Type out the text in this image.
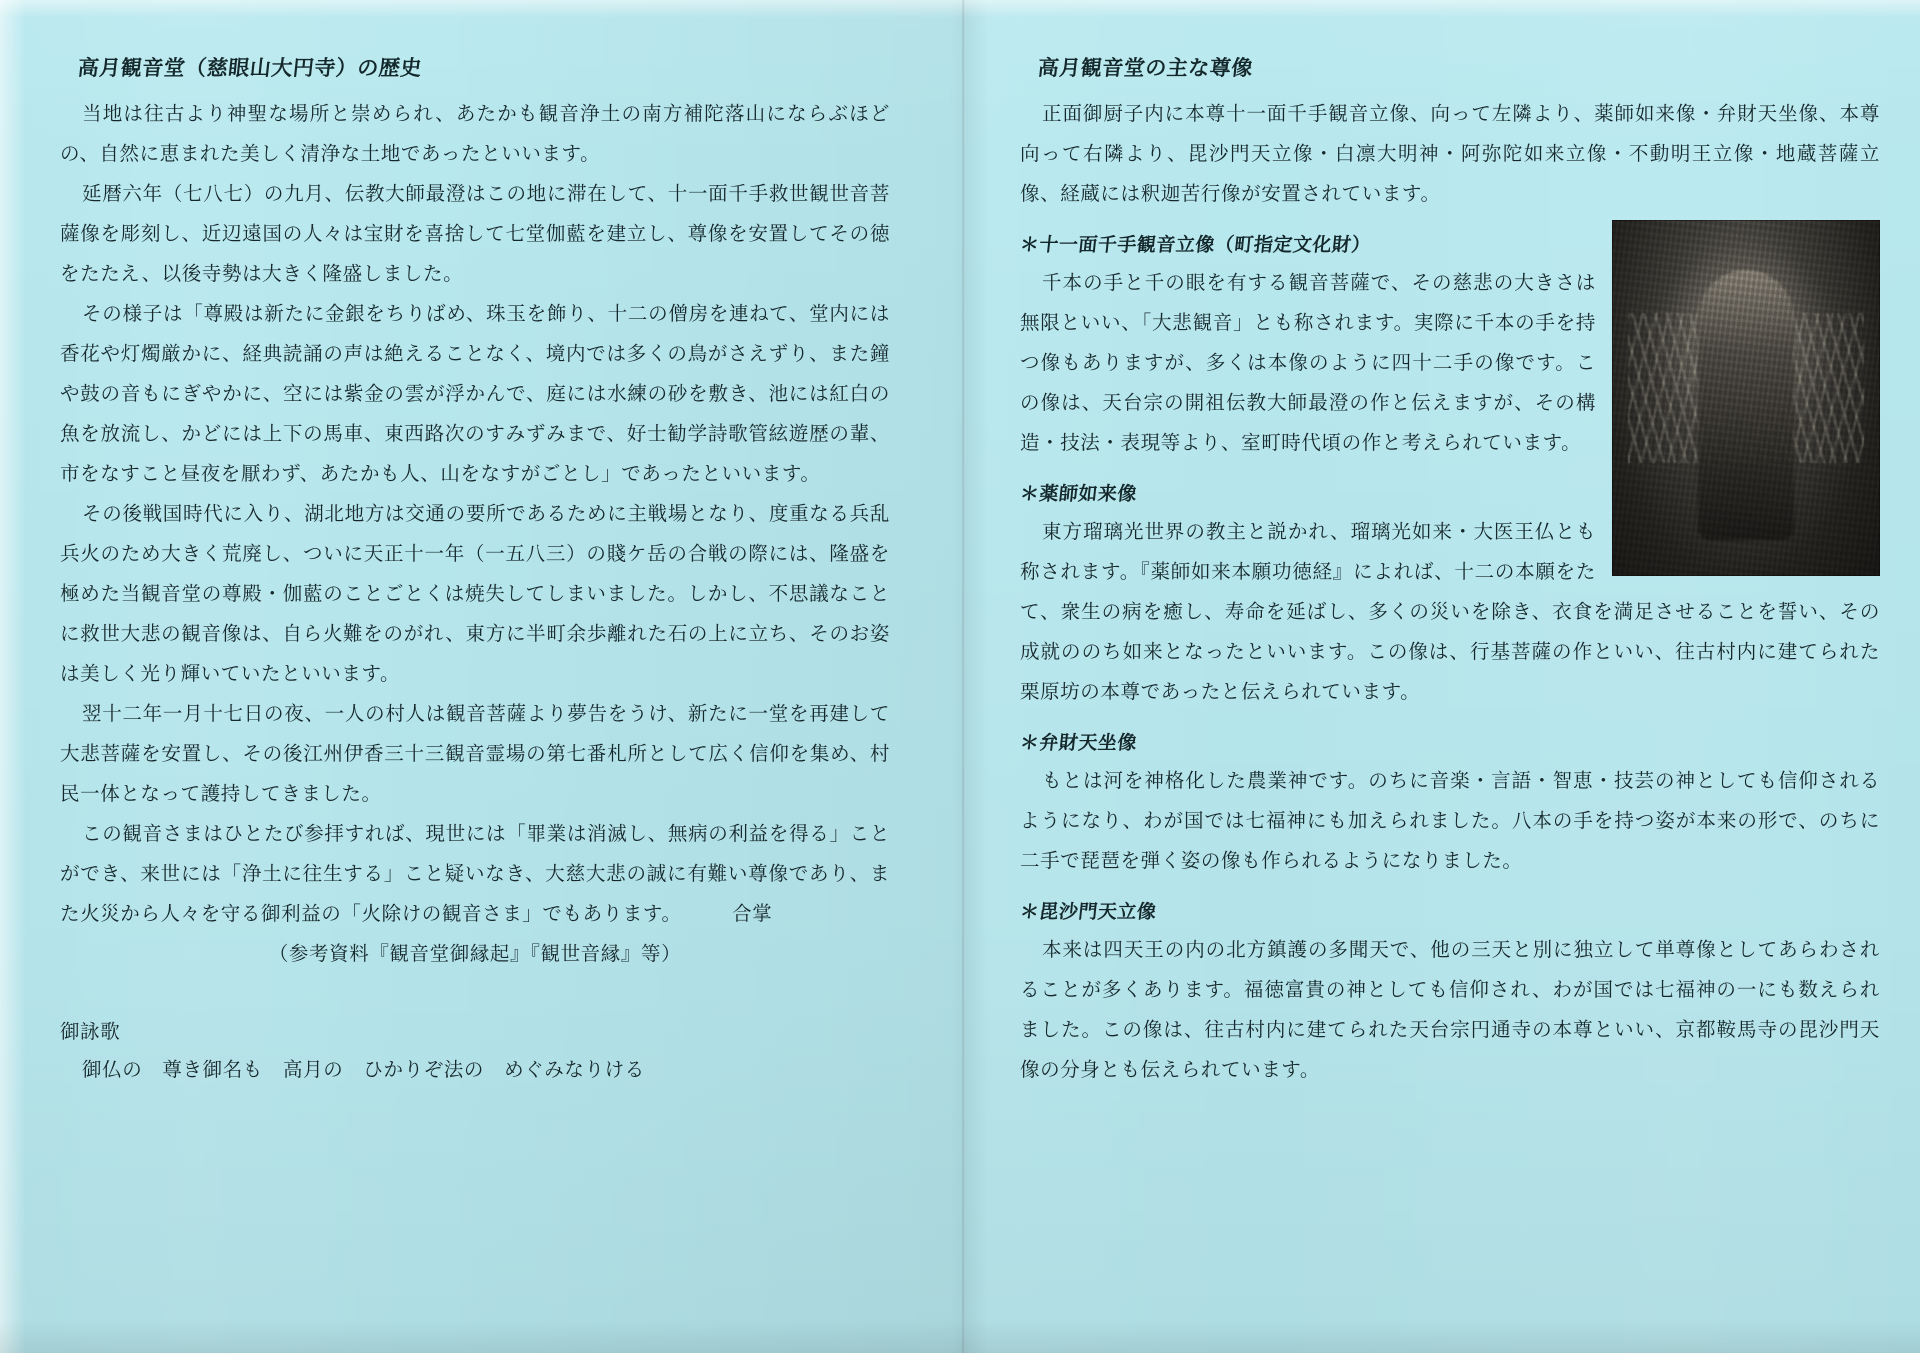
高月観音堂（慈眼山大円寺）の歴史

当地は往古より神聖な場所と崇められ、あたかも観音浄土の南方補陀落山にならぶほどの、自然に恵まれた美しく清浄な土地であったといいます。

延暦六年（七八七）の九月、伝教大師最澄はこの地に滞在して、十一面千手救世観世音菩薩像を彫刻し、近辺遠国の人々は宝財を喜捨して七堂伽藍を建立し、尊像を安置してその徳をたたえ、以後寺勢は大きく隆盛しました。

その様子は「尊殿は新たに金銀をちりばめ、珠玉を飾り、十二の僧房を連ねて、堂内には香花や灯燭厳かに、経典読誦の声は絶えることなく、境内では多くの鳥がさえずり、また鐘や鼓の音もにぎやかに、空には紫金の雲が浮かんで、庭には水練の砂を敷き、池には紅白の魚を放流し、かどには上下の馬車、東西路次のすみずみまで、好士勧学詩歌管絃遊歴の輩、市をなすこと昼夜を厭わず、あたかも人、山をなすがごとし」であったといいます。

その後戦国時代に入り、湖北地方は交通の要所であるために主戦場となり、度重なる兵乱兵火のため大きく荒廃し、ついに天正十一年（一五八三）の賤ケ岳の合戦の際には、隆盛を極めた当観音堂の尊殿・伽藍のことごとくは焼失してしまいました。しかし、不思議なことに救世大悲の観音像は、自ら火難をのがれ、東方に半町余歩離れた石の上に立ち、そのお姿は美しく光り輝いていたといいます。

翌十二年一月十七日の夜、一人の村人は観音菩薩より夢告をうけ、新たに一堂を再建して大悲菩薩を安置し、その後江州伊香三十三観音霊場の第七番札所として広く信仰を集め、村民一体となって護持してきました。

この観音さまはひとたび参拝すれば、現世には「罪業は消滅し、無病の利益を得る」ことができ、来世には「浄土に往生する」こと疑いなき、大慈大悲の誠に有難い尊像であり、また火災から人々を守る御利益の「火除けの観音さま」でもあります。　　　合掌

（参考資料『観音堂御縁起』『観世音縁』等）

御詠歌
御仏の　尊き御名も　高月の　ひかりぞ法の　めぐみなりける
高月観音堂の主な尊像

正面御厨子内に本尊十一面千手観音立像、向って左隣より、薬師如来像・弁財天坐像、本尊向って右隣より、毘沙門天立像・白凛大明神・阿弥陀如来立像・不動明王立像・地蔵菩薩立像、経蔵には釈迦苦行像が安置されています。

＊十一面千手観音立像（町指定文化財）

千本の手と千の眼を有する観音菩薩で、その慈悲の大きさは無限といい、「大悲観音」とも称されます。実際に千本の手を持つ像もありますが、多くは本像のように四十二手の像です。この像は、天台宗の開祖伝教大師最澄の作と伝えますが、その構造・技法・表現等より、室町時代頃の作と考えられています。

＊薬師如来像

東方瑠璃光世界の教主と説かれ、瑠璃光如来・大医王仏とも称されます。『薬師如来本願功徳経』によれば、十二の本願をたて、衆生の病を癒し、寿命を延ばし、多くの災いを除き、衣食を満足させることを誓い、その成就ののち如来となったといいます。この像は、行基菩薩の作といい、往古村内に建てられた栗原坊の本尊であったと伝えられています。

＊弁財天坐像

もとは河を神格化した農業神です。のちに音楽・言語・智恵・技芸の神としても信仰されるようになり、わが国では七福神にも加えられました。八本の手を持つ姿が本来の形で、のちに二手で琵琶を弾く姿の像も作られるようになりました。

＊毘沙門天立像

本来は四天王の内の北方鎮護の多聞天で、他の三天と別に独立して単尊像としてあらわされることが多くあります。福徳富貴の神としても信仰され、わが国では七福神の一にも数えられました。この像は、往古村内に建てられた天台宗円通寺の本尊といい、京都鞍馬寺の毘沙門天像の分身とも伝えられています。
